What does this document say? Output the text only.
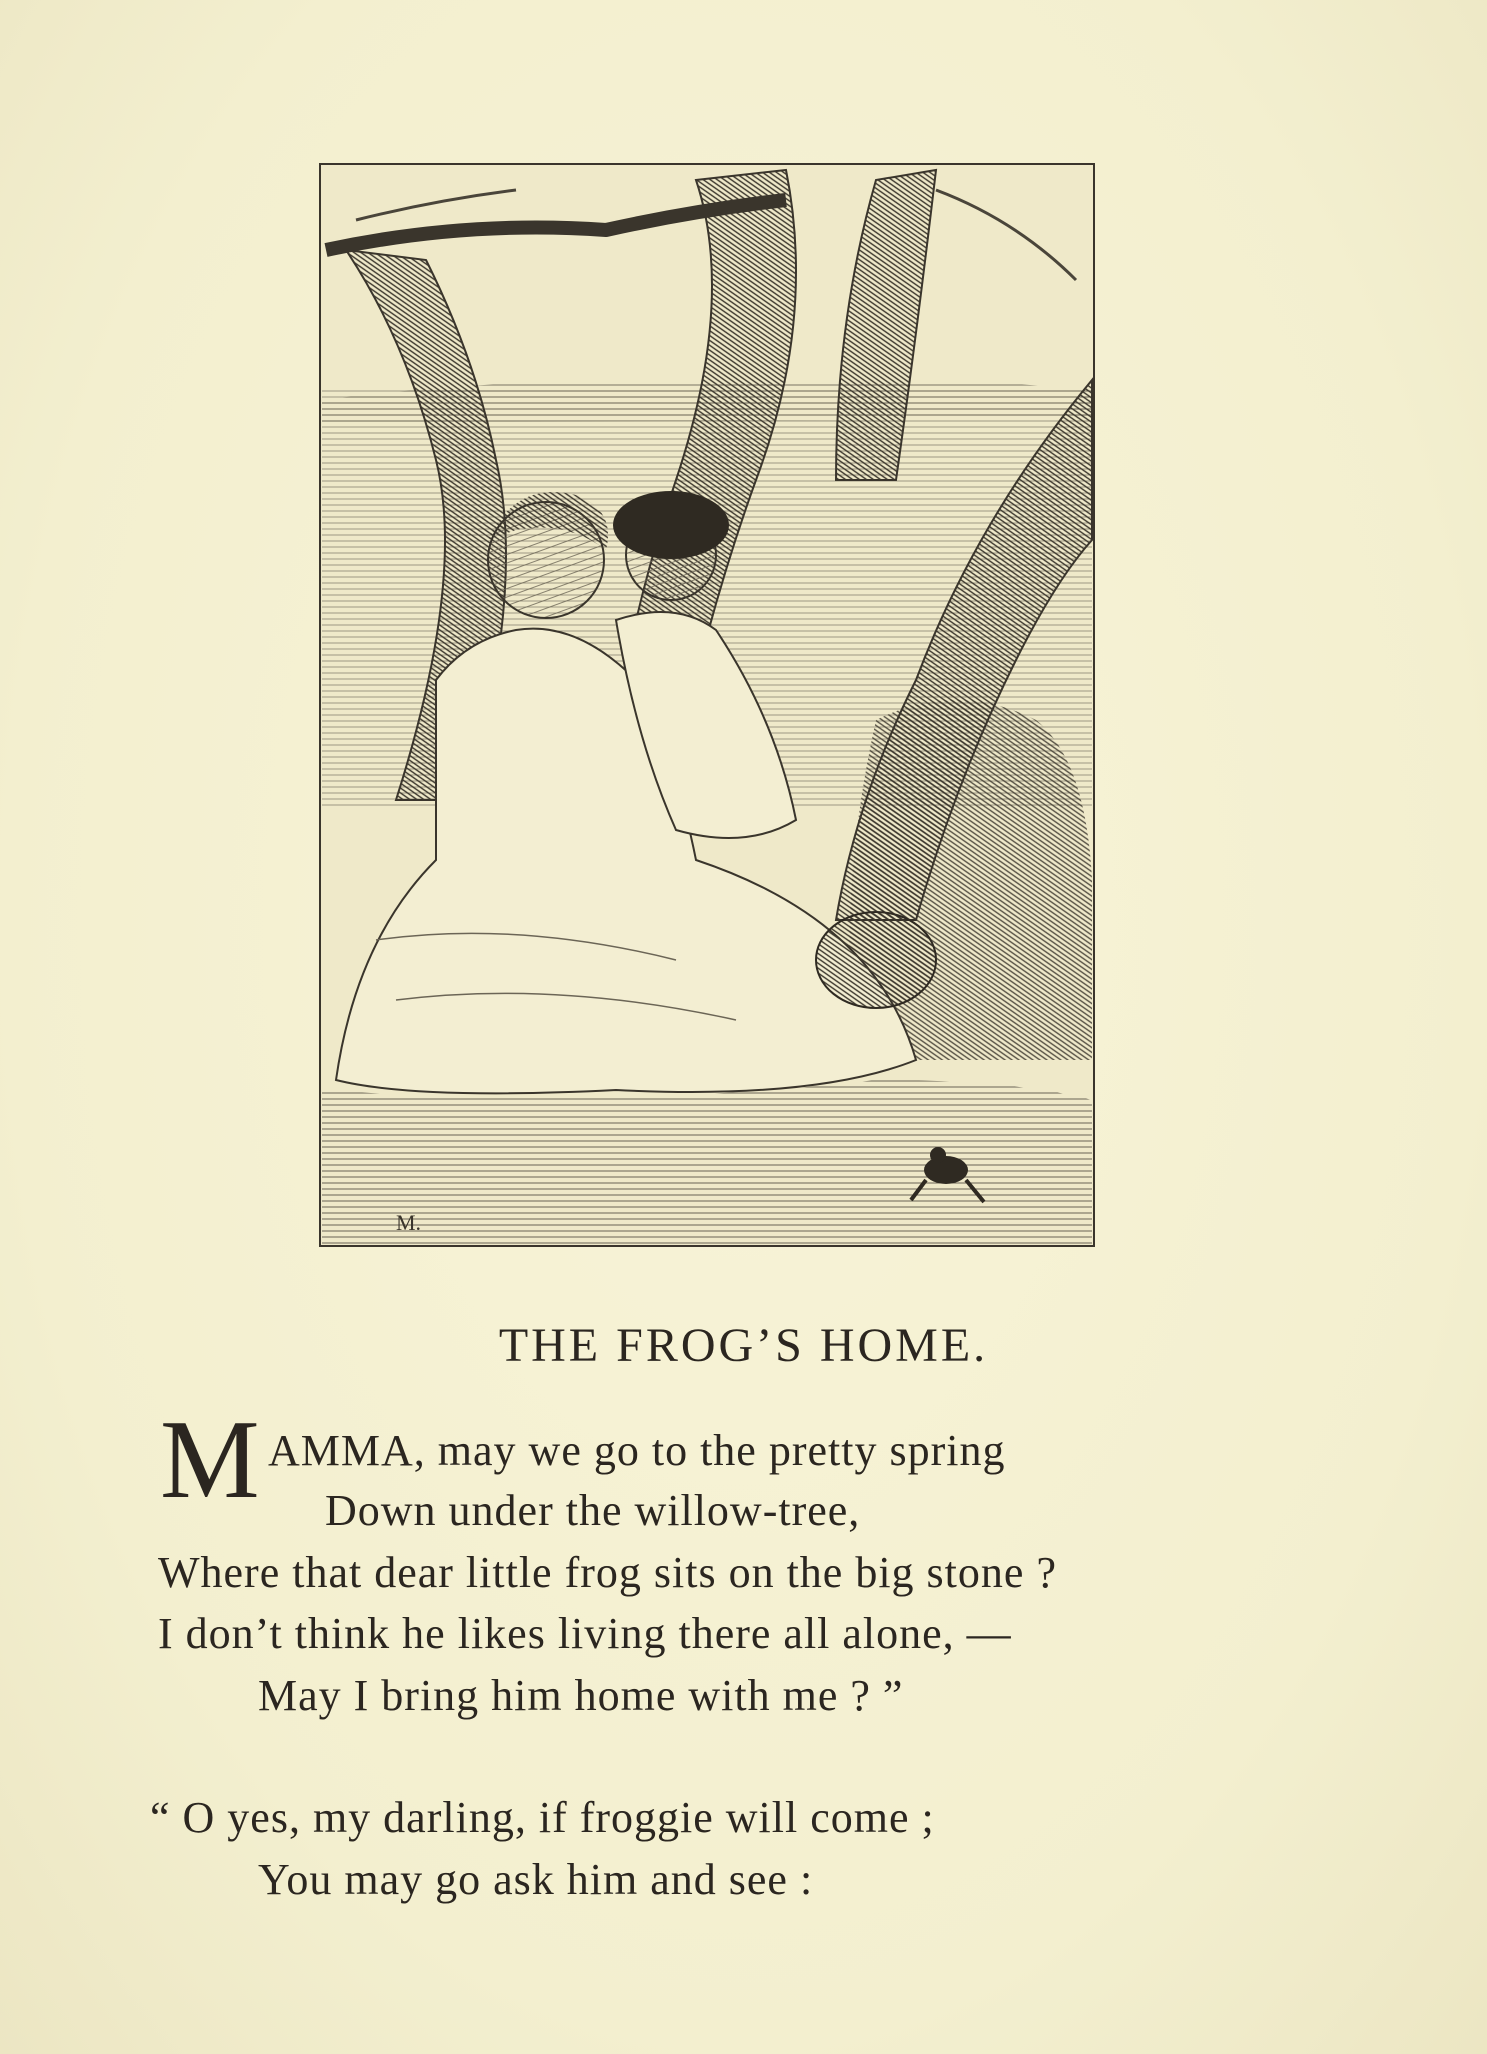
M.
THE FROG’S HOME.
M AMMA, may we go to the pretty spring
Down under the willow-tree,
Where that dear little frog sits on the big stone ?
I don’t think he likes living there all alone, —
May I bring him home with me ? ”
“ O yes, my darling, if froggie will come ;
You may go ask him and see :
